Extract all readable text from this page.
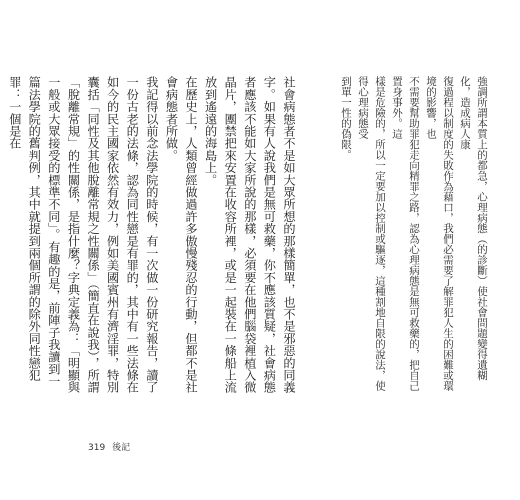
強調所謂本質上的都急，心理病態（的診斷）使社會問題變得遺糊化，造成病人康

復過程以制度的失敗作為藉口，我們必需要了解罪犯人生的困難或環境的影響，也

不需要幫助罪犯走向精罪之路，認為心理病態是無可救藥的，把自己置身事外。這

樣是危險的，所以一定要加以控制或驅逐，這種割地自限的說法，使得心理病態受

到單一性的偽限。

社會病態者不是如大眾所想的那樣簡單，也不是邪惡的同義字。如果有人說我們是無可救藥，你不應該質疑，社會病態者應該不能如大家所說的那樣，必須要在他們腦袋裡植入微晶片，團禁把來安置在收容所裡，或是一起裝在一條船上流放到遙遠的海島上。

在歷史上，人類曾經做過許多傲慢殘忍的行動，但都不是社會病態者所做。

我記得以前念法學院的時候，有一次做一份研究報告，讀了一份古老的法條，認為同性戀是有罪的，其中有一些法條在如今的民主國家依然有效力，例如美國賓州有濟淫罪，特別囊括「同性及其他脫離常規之性關係」（簡直在說我），所謂「脫離常規」的性關係，是指什麼？字典定義為：「明顯與一般或大眾接受的標準不同」。有趣的是，前陣子我讀到一篇法學院的舊判例，其中就提到兩個所謂的除外同性戀犯罪：一個是在

319 後記
